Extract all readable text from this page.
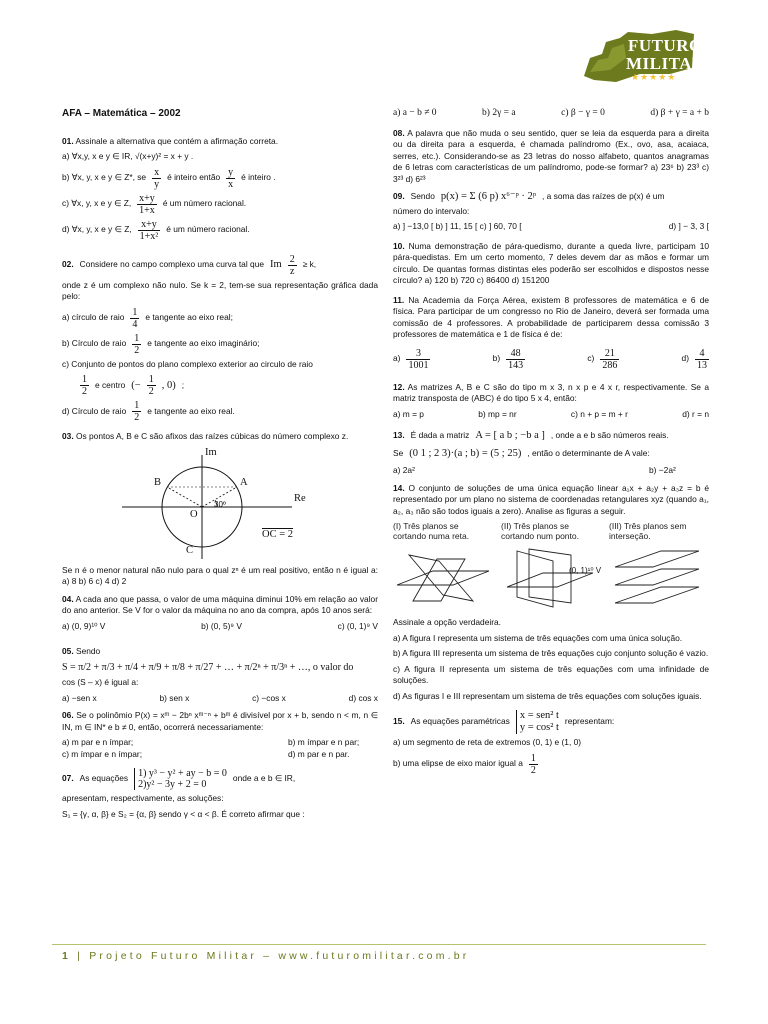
FUTURO
MILITAR
★★★★★
AFA – Matemática – 2002
01. Assinale a alternativa que contém a afirmação correta.
a) ∀x,y, x e y ∈ IR, √(x+y)² = x + y .
b) ∀x, y, x e y ∈ Z*, se $\frac{x}{y}$ é inteiro então $\frac{y}{x}$ é inteiro .
c) ∀x, y, x e y ∈ Z, $\frac{x+y}{1+x}$ é um número racional.
d) ∀x, y, x e y ∈ Z, $\frac{x+y}{\text{1+x²}}$ é um número racional.
02. Considere no campo complexo uma curva tal que Im $\frac{2}{z} \ge k$,
onde z é um complexo não nulo. Se k = 2, tem-se sua representação gráfica dada pelo:
a) círculo de raio $\frac{1}{4}$ e tangente ao eixo real;
b) Círculo de raio $\frac{1}{2}$ e tangente ao eixo imaginário;
c) Conjunto de pontos do plano complexo exterior ao circulo de raio
$\frac{1}{2}$ e centro (− $\frac{1}{2}$ , 0) ;
d) Círculo de raio $\frac{1}{2}$ e tangente ao eixo real.
03. Os pontos A, B e C são afixos das raízes cúbicas do número complexo z.
Im
Re
A
B
C
O
30º
OC = 2
Se n é o menor natural não nulo para o qual zⁿ é um real positivo, então n é igual a: a) 8 b) 6 c) 4 d) 2
04. A cada ano que passa, o valor de uma máquina diminui 10% em relação ao valor do ano anterior. Se V for o valor da máquina no ano da compra, após 10 anos será:
a) (0, 9)¹⁰ V	b) (0, 5)⁹ V	c) (0, 1)⁹ V
05. Sendo
S = π/2 + π/3 + π/4 + π/9 + π/8 + π/27 + … + π/2ⁿ + π/3ⁿ + …, o valor do
cos (S – x) é igual a:
a) −sen x	b) sen x	c) −cos x	d) cos x
06. Se o polinômio P(x) = xᵐ − 2bⁿ xᵐ⁻ⁿ + bᵐ é divisível por x + b, sendo n < m, n ∈ IN, m ∈ IN* e b ≠ 0, então, ocorrerá necessariamente:
a) m par e n ímpar;	b) m ímpar e n par;
c) m ímpar e n ímpar;	d) m par e n par.
07. As equações 1) y³ − y² + ay − b = 0
2)y² − 3y + 2 = 0
onde a e b ∈ IR,
apresentam, respectivamente, as soluções:
S₁ = {γ, α, β} e S₂ = {α, β} sendo γ < α < β. É correto afirmar que :
a) a − b ≠ 0	b) 2γ = a	c) β − γ = 0	d) β + γ = a + b
08. A palavra que não muda o seu sentido, quer se leia da esquerda para a direita ou da direita para a esquerda, é chamada palíndromo (Ex., ovo, asa, acaiaca, serres, etc.). Considerando-se as 23 letras do nosso alfabeto, quantos anagramas de 6 letras com características de um palíndromo, pode-se formar? a) 23⁶ b) 23³ c) 3²³ d) 6²³
09. Sendo p(x) = Σ (6 p) x⁶⁻ᵖ · 2ᵖ , a soma das raízes de p(x) é um
número do intervalo:
a) ] −13,0 [ b) ] 11, 15 [ c) ] 60, 70 [	d) ] − 3, 3 [
10. Numa demonstração de pára-quedismo, durante a queda livre, participam 10 pára-quedistas. Em um certo momento, 7 deles devem dar as mãos e formar um círculo. De quantas formas distintas eles poderão ser escolhidos e dispostos nesse círculo? a) 120 b) 720 c) 86400 d) 151200
11. Na Academia da Força Aérea, existem 8 professores de matemática e 6 de física. Para participar de um congresso no Rio de Janeiro, deverá ser formada uma comissão de 4 professores. A probabilidade de participarem dessa comissão 3 professores de matemática e 1 de física é de:
$a) \frac{3}{1001}$	$b) \frac{48}{143}$	$c) \frac{21}{286}$	$d) \frac{4}{13}$
12. As matrizes A, B e C são do tipo m x 3, n x p e 4 x r, respectivamente. Se a matriz transposta de (ABC) é do tipo 5 x 4, então:
a) m = p	b) mp = nr	c) n + p = m + r	d) r = n
13. É dada a matriz A = [ a b ; −b a ] , onde a e b são números reais.
Se (0 1 ; 2 3)·(a ; b) = (5 ; 25) , então o determinante de A vale:
a) 2a²	b) −2a²
14. O conjunto de soluções de uma única equação linear a₁x + a₂y + a₃z = b é representado por um plano no sistema de coordenadas retangulares xyz (quando a₁, a₂, a₃ não são todos iguais a zero). Analise as figuras a seguir.
(I) Três planos se cortando numa reta.
(II) Três planos se cortando num ponto.
(III) Três planos sem interseção.
(0, 1)¹⁰ V
Assinale a opção verdadeira.
a) A figura I representa um sistema de três equações com uma única solução.
b) A figura III representa um sistema de três equações cujo conjunto solução é vazio.
c) A figura II representa um sistema de três equações com uma infinidade de soluções.
d) As figuras I e III representam um sistema de três equações com soluções iguais.
15. As equações paramétricas
x = sen² t
y = cos² t
representam:
a) um segmento de reta de extremos (0, 1) e (1, 0)
b) uma elipse de eixo maior igual a $\frac{1}{2}$
1 | Projeto Futuro Militar – www.futuromilitar.com.br
